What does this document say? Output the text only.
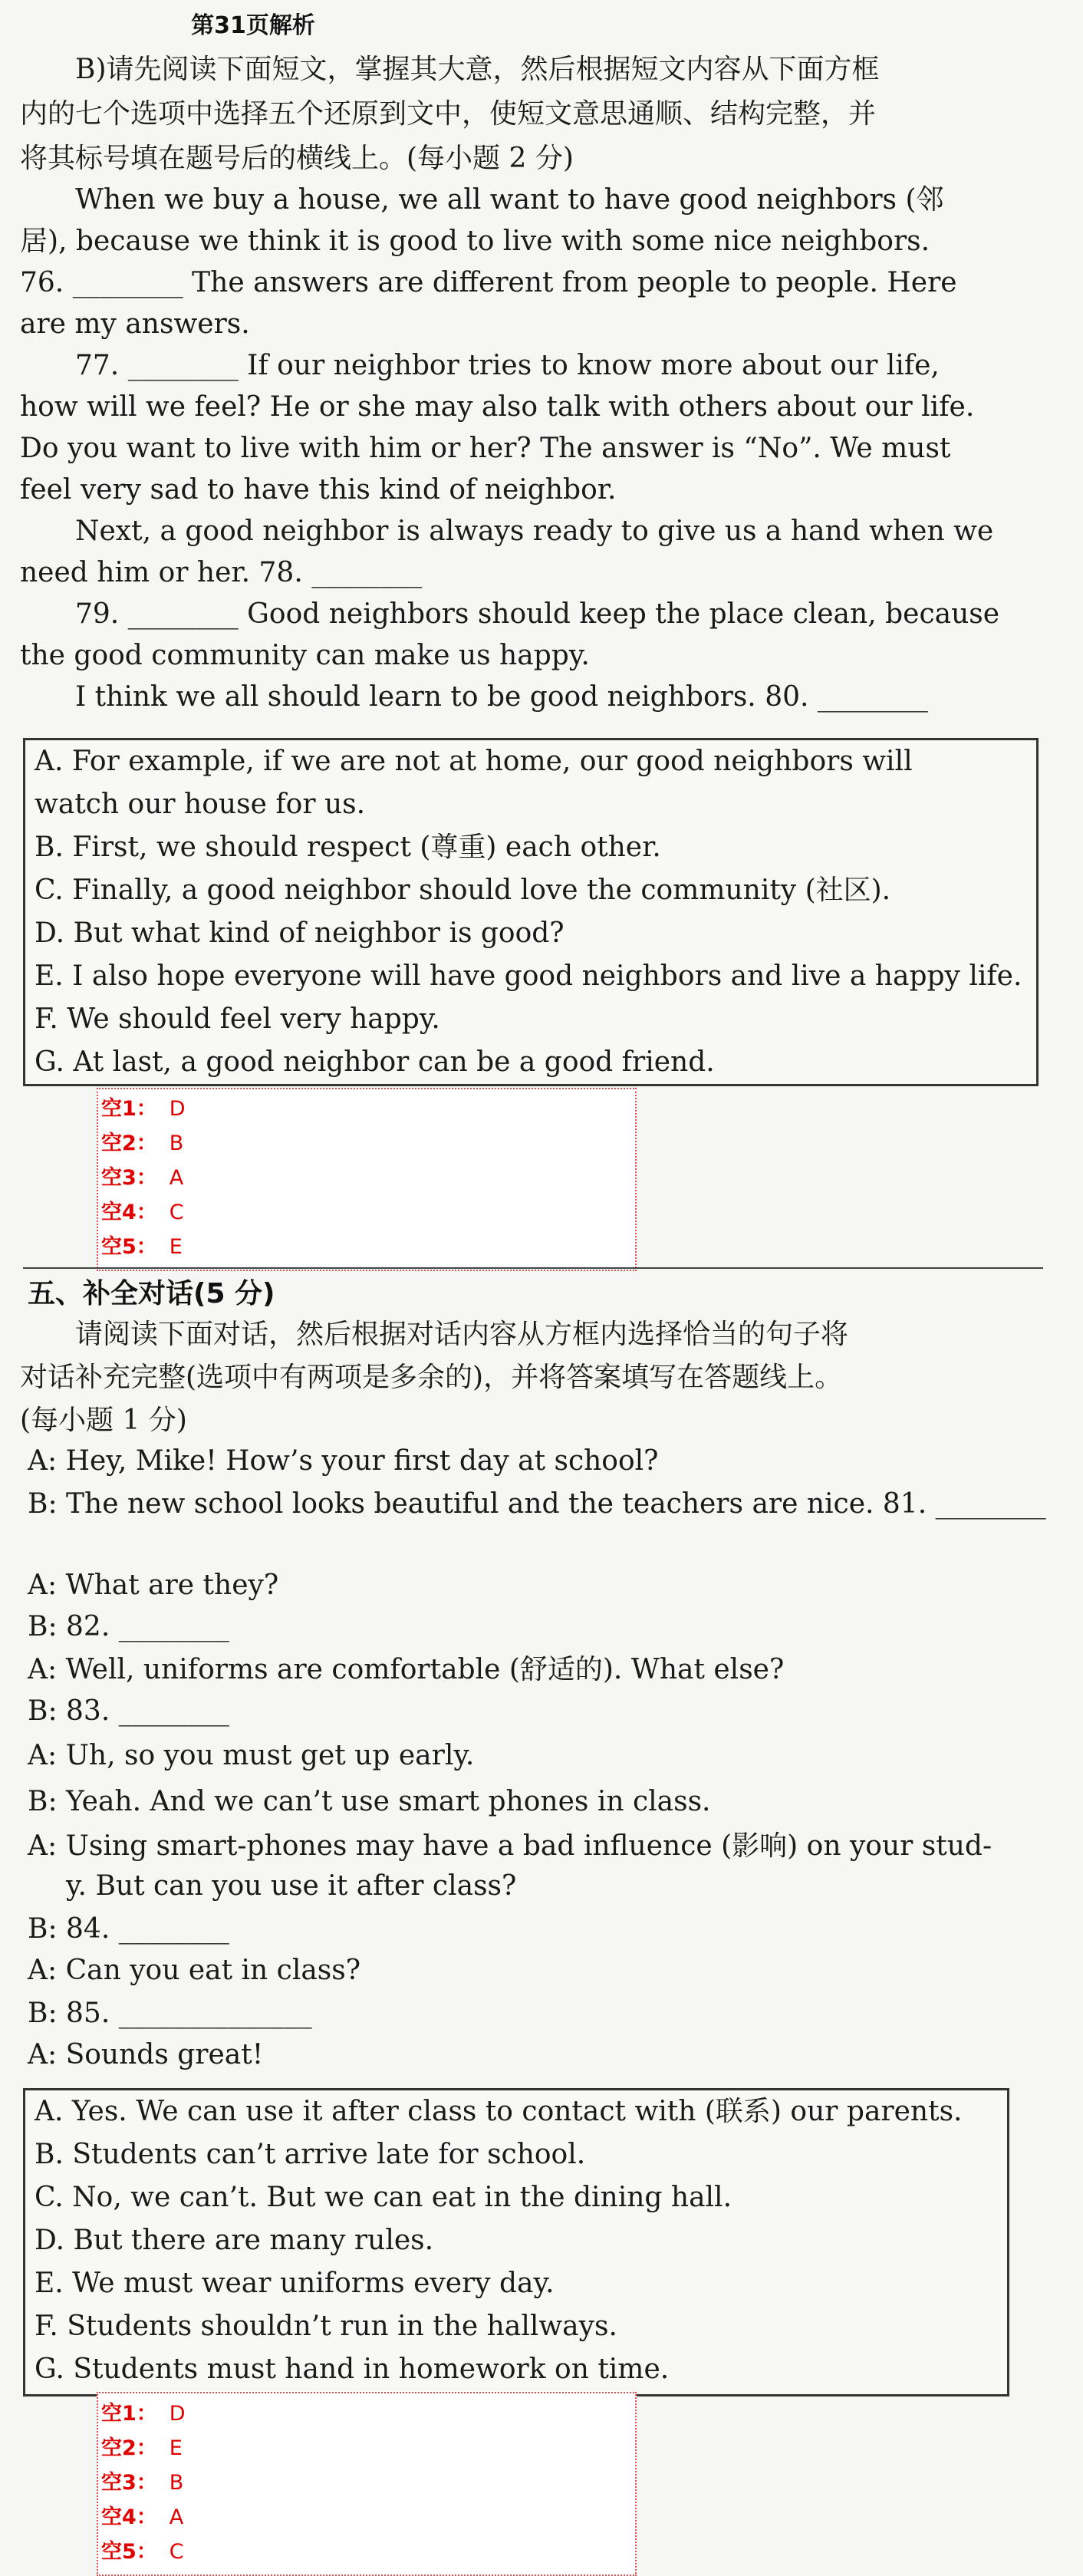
第31页解析

B)请先阅读下面短文，掌握其大意，然后根据短文内容从下面方框

内的七个选项中选择五个还原到文中，使短文意思通顺、结构完整，并

将其标号填在题号后的横线上。(每小题 2 分)

When we buy a house, we all want to have good neighbors (邻

居), because we think it is good to live with some nice neighbors.

76. ________ The answers are different from people to people. Here

are my answers.

77. ________ If our neighbor tries to know more about our life,

how will we feel? He or she may also talk with others about our life.

Do you want to live with him or her? The answer is “No”. We must

feel very sad to have this kind of neighbor.

Next, a good neighbor is always ready to give us a hand when we

need him or her. 78. ________

79. ________ Good neighbors should keep the place clean, because

the good community can make us happy.

I think we all should learn to be good neighbors. 80. ________

A. For example, if we are not at home, our good neighbors will

watch our house for us.

B. First, we should respect (尊重) each other.

C. Finally, a good neighbor should love the community (社区).

D. But what kind of neighbor is good?

E. I also hope everyone will have good neighbors and live a happy life.

F. We should feel very happy.

G. At last, a good neighbor can be a good friend.

空1： D
空2： B
空3： A
空4： C
空5： E
五、补全对话(5 分)

请阅读下面对话，然后根据对话内容从方框内选择恰当的句子将

对话补充完整(选项中有两项是多余的)，并将答案填写在答题线上。

(每小题 1 分)

A: Hey, Mike! How’s your first day at school?

B: The new school looks beautiful and the teachers are nice. 81. ________

A: What are they?

B: 82. ________

A: Well, uniforms are comfortable (舒适的). What else?

B: 83. ________

A: Uh, so you must get up early.

B: Yeah. And we can’t use smart phones in class.

A: Using smart-phones may have a bad influence (影响) on your stud-

y. But can you use it after class?

B: 84. ________

A: Can you eat in class?

B: 85. ______________

A: Sounds great!

A. Yes. We can use it after class to contact with (联系) our parents.

B. Students can’t arrive late for school.

C. No, we can’t. But we can eat in the dining hall.

D. But there are many rules.

E. We must wear uniforms every day.

F. Students shouldn’t run in the hallways.

G. Students must hand in homework on time.

空1： D
空2： E
空3： B
空4： A
空5： C
